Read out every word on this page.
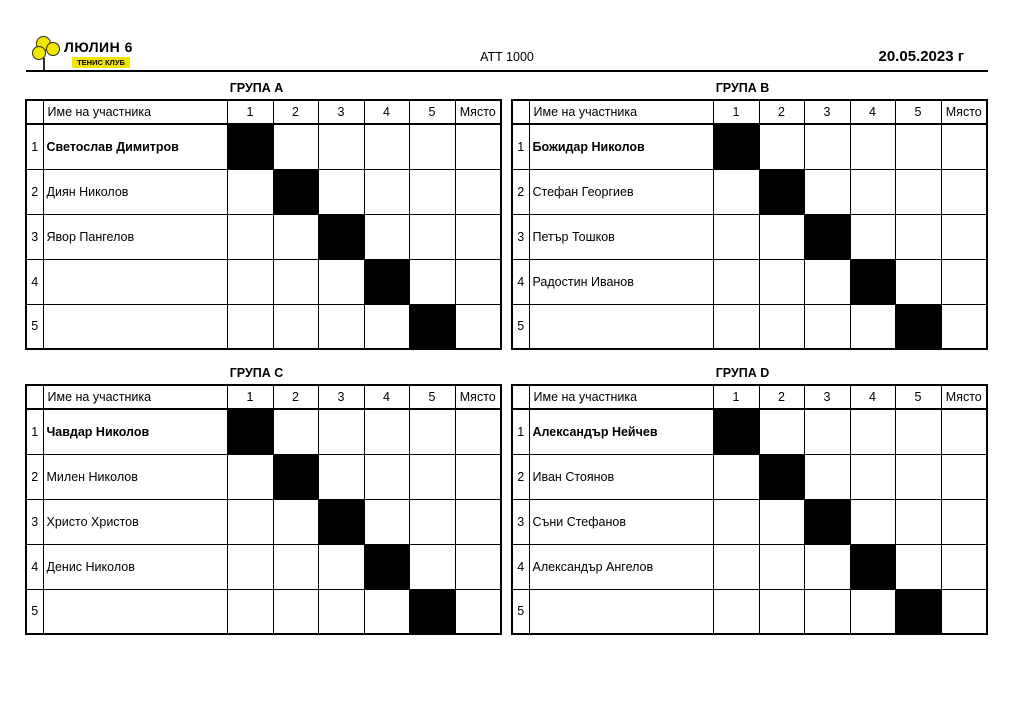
ЛЮЛИН 6
ТЕНИС КЛУБ	ATT 1000	20.05.2023 г
ГРУПА А
	Име на участника	1	2	3	4	5	Място
1	Светослав Димитров						
2	Диян Николов						
3	Явор Пангелов						
4							
5							
ГРУПА В
	Име на участника	1	2	3	4	5	Място
1	Божидар Николов						
2	Стефан Георгиев						
3	Петър Тошков						
4	Радостин Иванов						
5							
ГРУПА С
	Име на участника	1	2	3	4	5	Място
1	Чавдар Николов						
2	Милен Николов						
3	Христо Христов						
4	Денис Николов						
5							
ГРУПА D
	Име на участника	1	2	3	4	5	Място
1	Александър Нейчев						
2	Иван Стоянов						
3	Съни Стефанов						
4	Александър Ангелов						
5							
